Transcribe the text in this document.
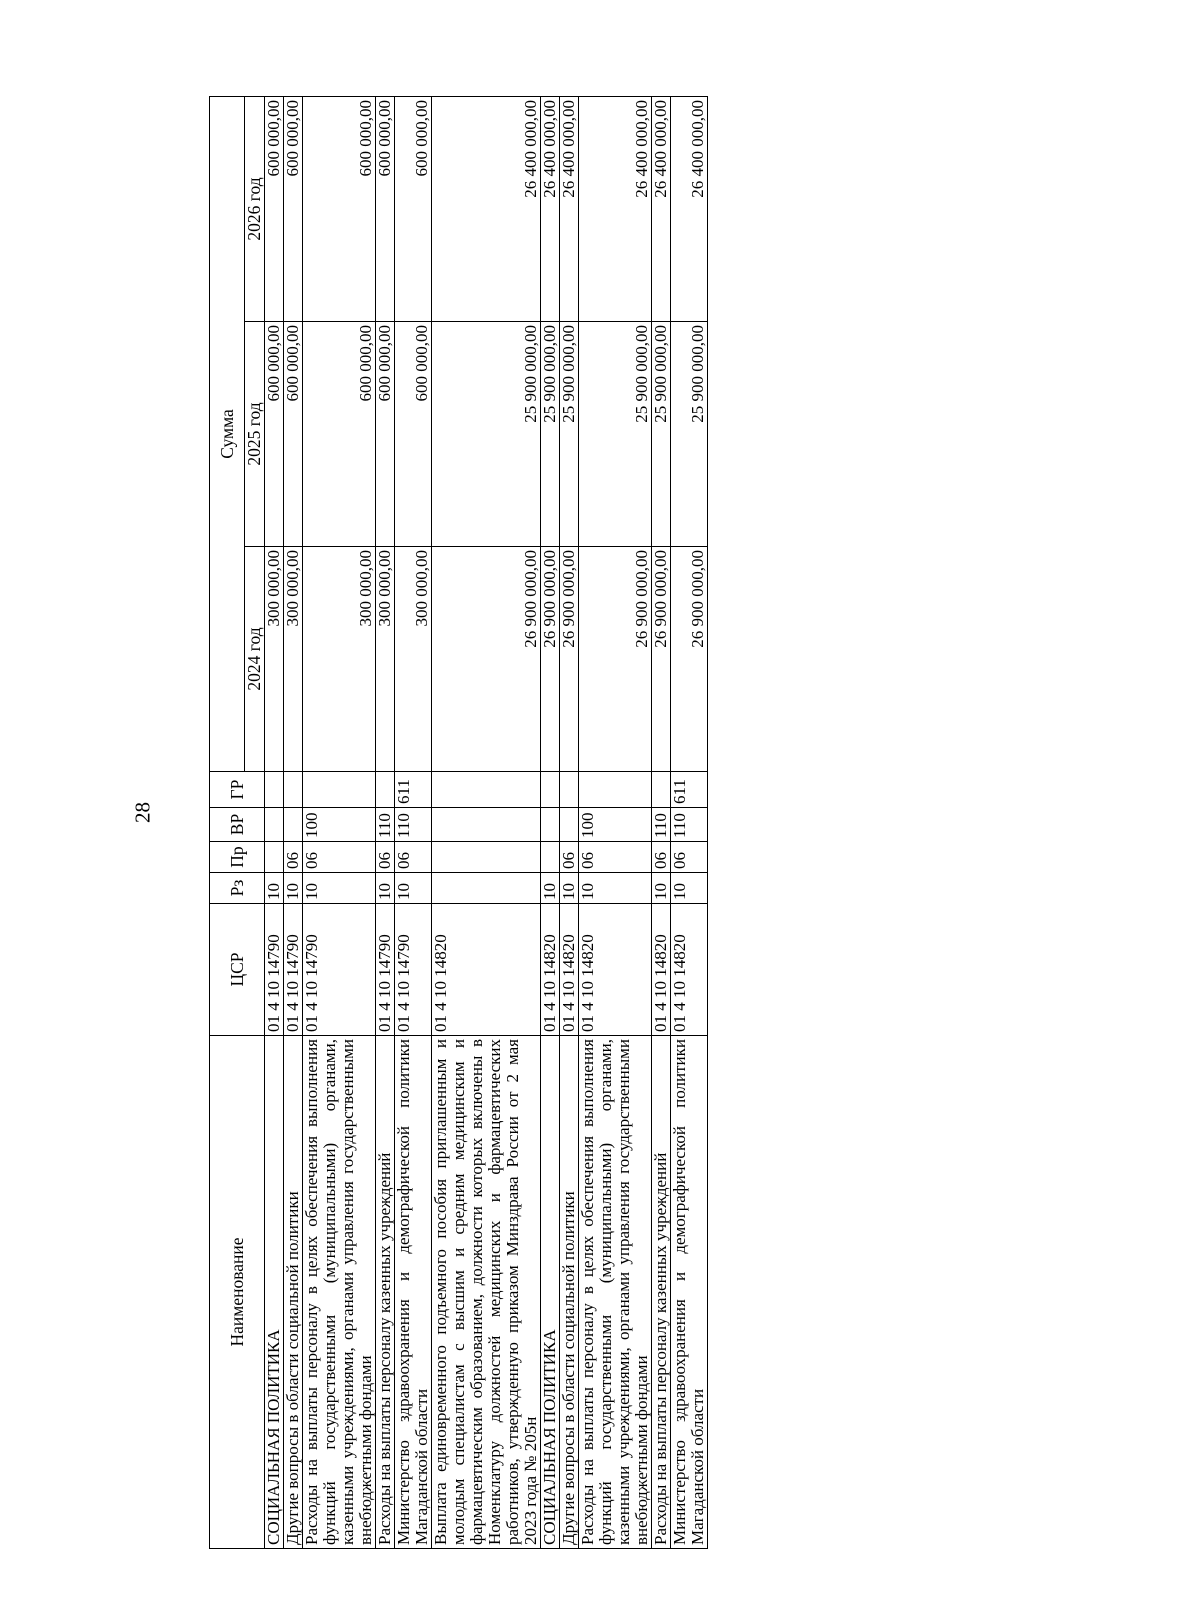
28
Наименование	ЦСР	Рз	Пр	ВР	ГР	Сумма		
						2024 год	2025 год	2026 год
СОЦИАЛЬНАЯ ПОЛИТИКА	01 4 10 14790	10				300 000,00	600 000,00	600 000,00
Другие вопросы в области социальной политики	01 4 10 14790	10	06			300 000,00	600 000,00	600 000,00
Расходы на выплаты персоналу в целях обеспечения выполнения функций государственными (муниципальными) органами, казенными учреждениями, органами управления государственными внебюджетными фондами	01 4 10 14790	10	06	100		300 000,00	600 000,00	600 000,00
Расходы на выплаты персоналу казенных учреждений	01 4 10 14790	10	06	110		300 000,00	600 000,00	600 000,00
Министерство здравоохранения и демографической политики Магаданской области	01 4 10 14790	10	06	110	611	300 000,00	600 000,00	600 000,00
Выплата единовременного подъемного пособия приглашенным и молодым специалистам с высшим и средним медицинским и фармацевтическим образованием, должности которых включены в Номенклатуру должностей медицинских и фармацевтических работников, утвержденную приказом Минздрава России от 2 мая 2023 года № 205н	01 4 10 14820					26 900 000,00	25 900 000,00	26 400 000,00
СОЦИАЛЬНАЯ ПОЛИТИКА	01 4 10 14820	10				26 900 000,00	25 900 000,00	26 400 000,00
Другие вопросы в области социальной политики	01 4 10 14820	10	06			26 900 000,00	25 900 000,00	26 400 000,00
Расходы на выплаты персоналу в целях обеспечения выполнения функций государственными (муниципальными) органами, казенными учреждениями, органами управления государственными внебюджетными фондами	01 4 10 14820	10	06	100		26 900 000,00	25 900 000,00	26 400 000,00
Расходы на выплаты персоналу казенных учреждений	01 4 10 14820	10	06	110		26 900 000,00	25 900 000,00	26 400 000,00
Министерство здравоохранения и демографической политики Магаданской области	01 4 10 14820	10	06	110	611	26 900 000,00	25 900 000,00	26 400 000,00
